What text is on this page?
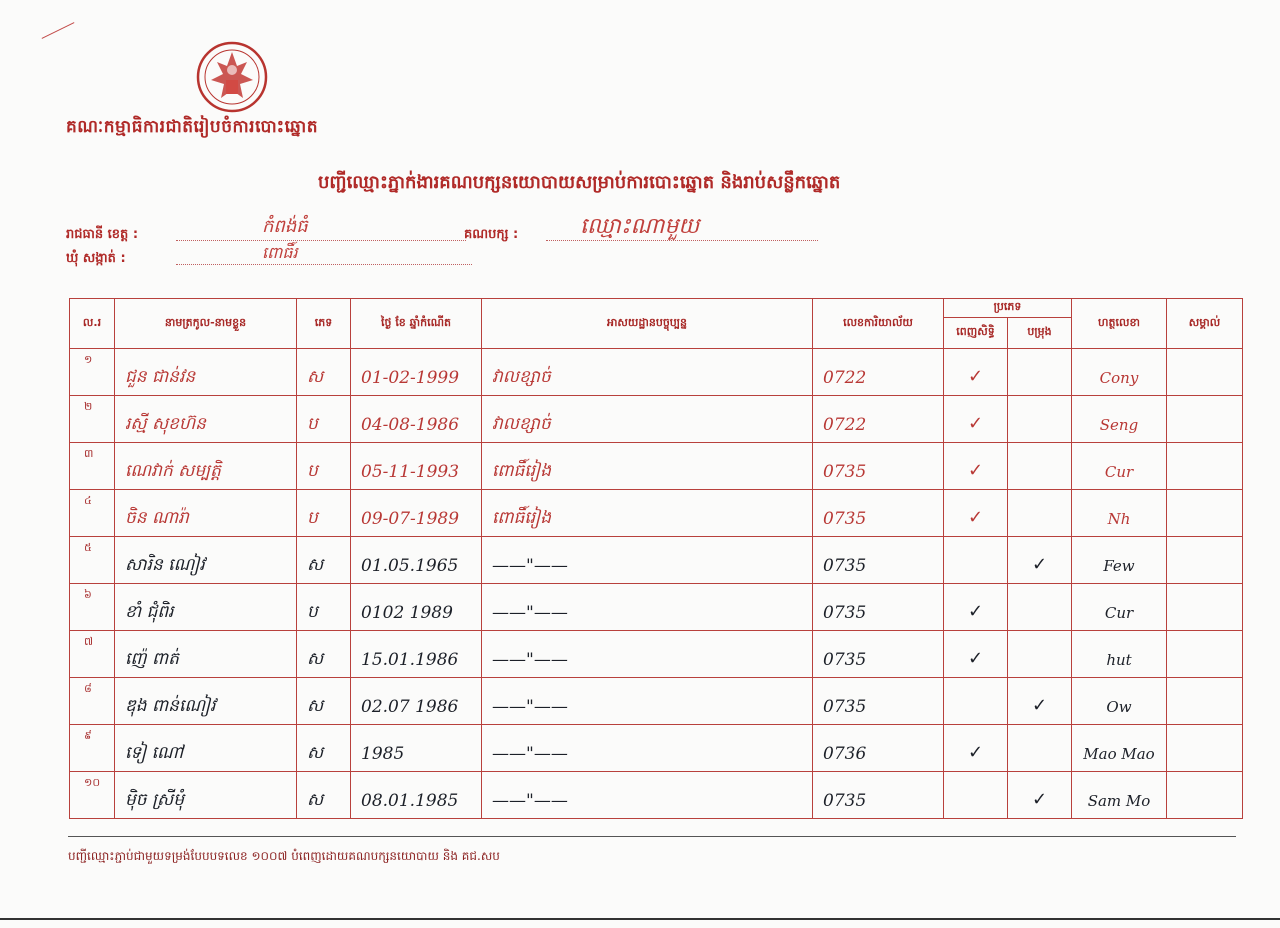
គណៈកម្មាធិការជាតិរៀបចំការបោះឆ្នោត
បញ្ជីឈ្មោះភ្នាក់ងារគណបក្សនយោបាយសម្រាប់ការបោះឆ្នោត និងរាប់សន្លឹកឆ្នោត
រាជធានី ខេត្ត :	កំពង់ធំ
ឃុំ សង្កាត់ :	ពោធិ៍រ
គណបក្ស :	ឈ្មោះណាមួយ
ល.រ	នាមត្រកូល-នាមខ្លួន	ភេទ	ថ្ងៃ ខែ ឆ្នាំកំណើត	អាសយដ្ឋានបច្ចុប្បន្ន	លេខការិយាល័យ	ប្រភេទ		ហត្ថលេខា	សម្គាល់
						ពេញសិទ្ធិ	បម្រុង		

១	ជួន ជាន់វន	ស	01-02-1999	វាលខ្សាច់	0722	✓		Cony	

២	រស្មី សុខហ៊ន	ប	04-08-1986	វាលខ្សាច់	0722	✓		Seng	

៣	ណេវាក់ សម្បត្តិ	ប	05-11-1993	ពោធិ៍រៀង	0735	✓		Cur	

៤	ចិន ណារ៉ា	ប	09-07-1989	ពោធិ៍រៀង	0735	✓		Nh	

៥	សារិន ណៀវ	ស	01.05.1965	——"——	0735		✓	Few	

៦	ខាំ ជុំពិរ	ប	0102 1989	——"——	0735	✓		Cur	

៧	ញ៉េ ពាត់	ស	15.01.1986	——"——	0735	✓		hut	

៨	ឌុង ពាន់ណៀវ	ស	02.07 1986	——"——	0735		✓	Ow	

៩	ទៀ ណៅ	ស	1985	——"——	0736	✓		Mao Mao	

១០	ម៉ិច ស្រីមុំ	ស	08.01.1985	——"——	0735		✓	Sam Mo	

បញ្ជីឈ្មោះភ្ជាប់ជាមួយទម្រង់បែបបទលេខ ១០០៧ បំពេញដោយគណបក្សនយោបាយ និង គជ.សប
